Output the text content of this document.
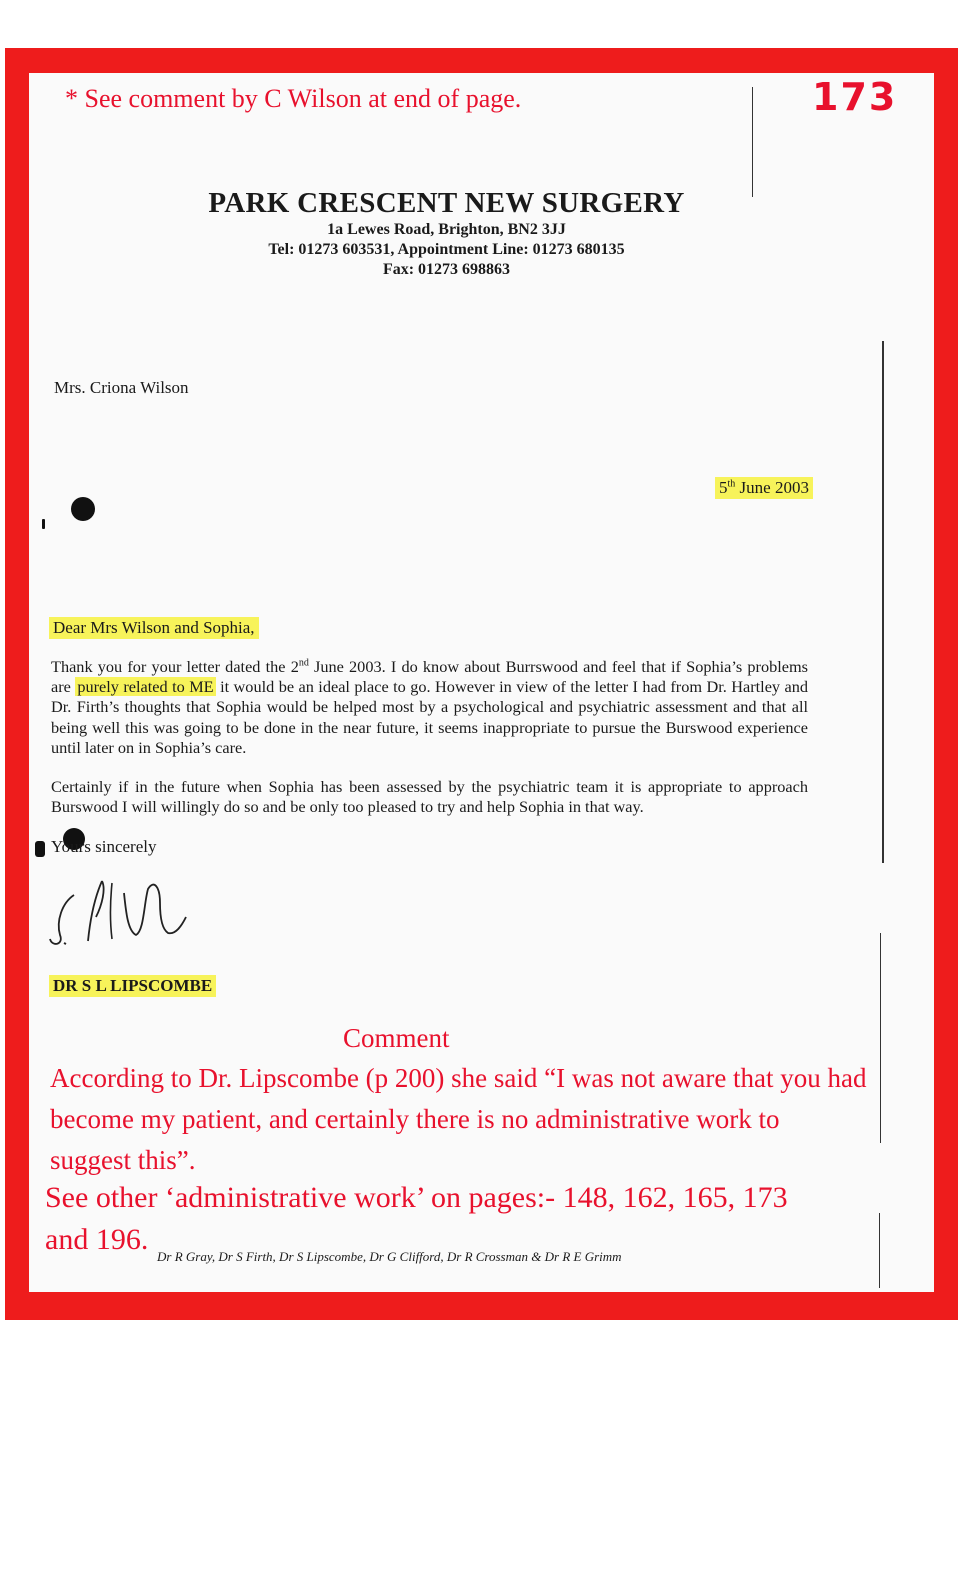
* See comment by C Wilson at end of page.	173
PARK CRESCENT NEW SURGERY
1a Lewes Road, Brighton, BN2 3JJ
Tel: 01273 603531, Appointment Line: 01273 680135
Fax: 01273 698863
Mrs. Criona Wilson
5th June 2003
Dear Mrs Wilson and Sophia,
Thank you for your letter dated the 2nd June 2003. I do know about Burrswood and feel that if Sophia’s problems are purely related to ME it would be an ideal place to go. However in view of the letter I had from Dr. Hartley and Dr. Firth’s thoughts that Sophia would be helped most by a psychological and psychiatric assessment and that all being well this was going to be done in the near future, it seems inappropriate to pursue the Burswood experience until later on in Sophia’s care.
Certainly if in the future when Sophia has been assessed by the psychiatric team it is appropriate to approach Burswood I will willingly do so and be only too pleased to try and help Sophia in that way.
Yours sincerely
DR S L LIPSCOMBE
Comment
According to Dr. Lipscombe (p 200) she said “I was not aware that you had
become my patient, and certainly there is no administrative work to
suggest this”.
See other ‘administrative work’ on pages:- 148, 162, 165, 173
and 196.
Dr R Gray, Dr S Firth, Dr S Lipscombe, Dr G Clifford, Dr R Crossman & Dr R E Grimm
